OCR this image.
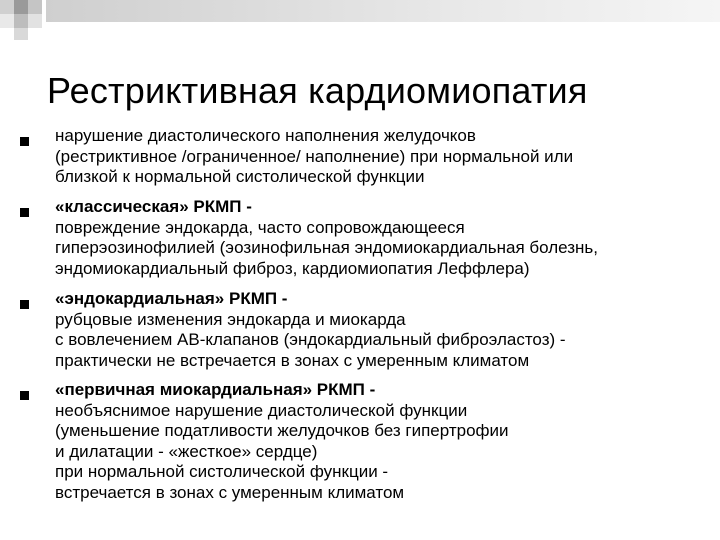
Рестриктивная кардиомиопатия
нарушение диастолического наполнения желудочков
(рестриктивное /ограниченное/ наполнение) при нормальной или
близкой к нормальной систолической функции
«классическая» РКМП -
повреждение эндокарда, часто сопровождающееся
гиперэозинофилией (эозинофильная эндомиокардиальная болезнь,
эндомиокардиальный фиброз, кардиомиопатия Леффлера)
«эндокардиальная» РКМП -
рубцовые изменения эндокарда и миокарда
с вовлечением АВ-клапанов (эндокардиальный фиброэластоз) -
практически не встречается в зонах с умеренным климатом
«первичная миокардиальная» РКМП -
необъяснимое нарушение диастолической функции
(уменьшение податливости желудочков без гипертрофии
и дилатации - «жесткое» сердце)
при нормальной систолической функции -
встречается в зонах с умеренным климатом
